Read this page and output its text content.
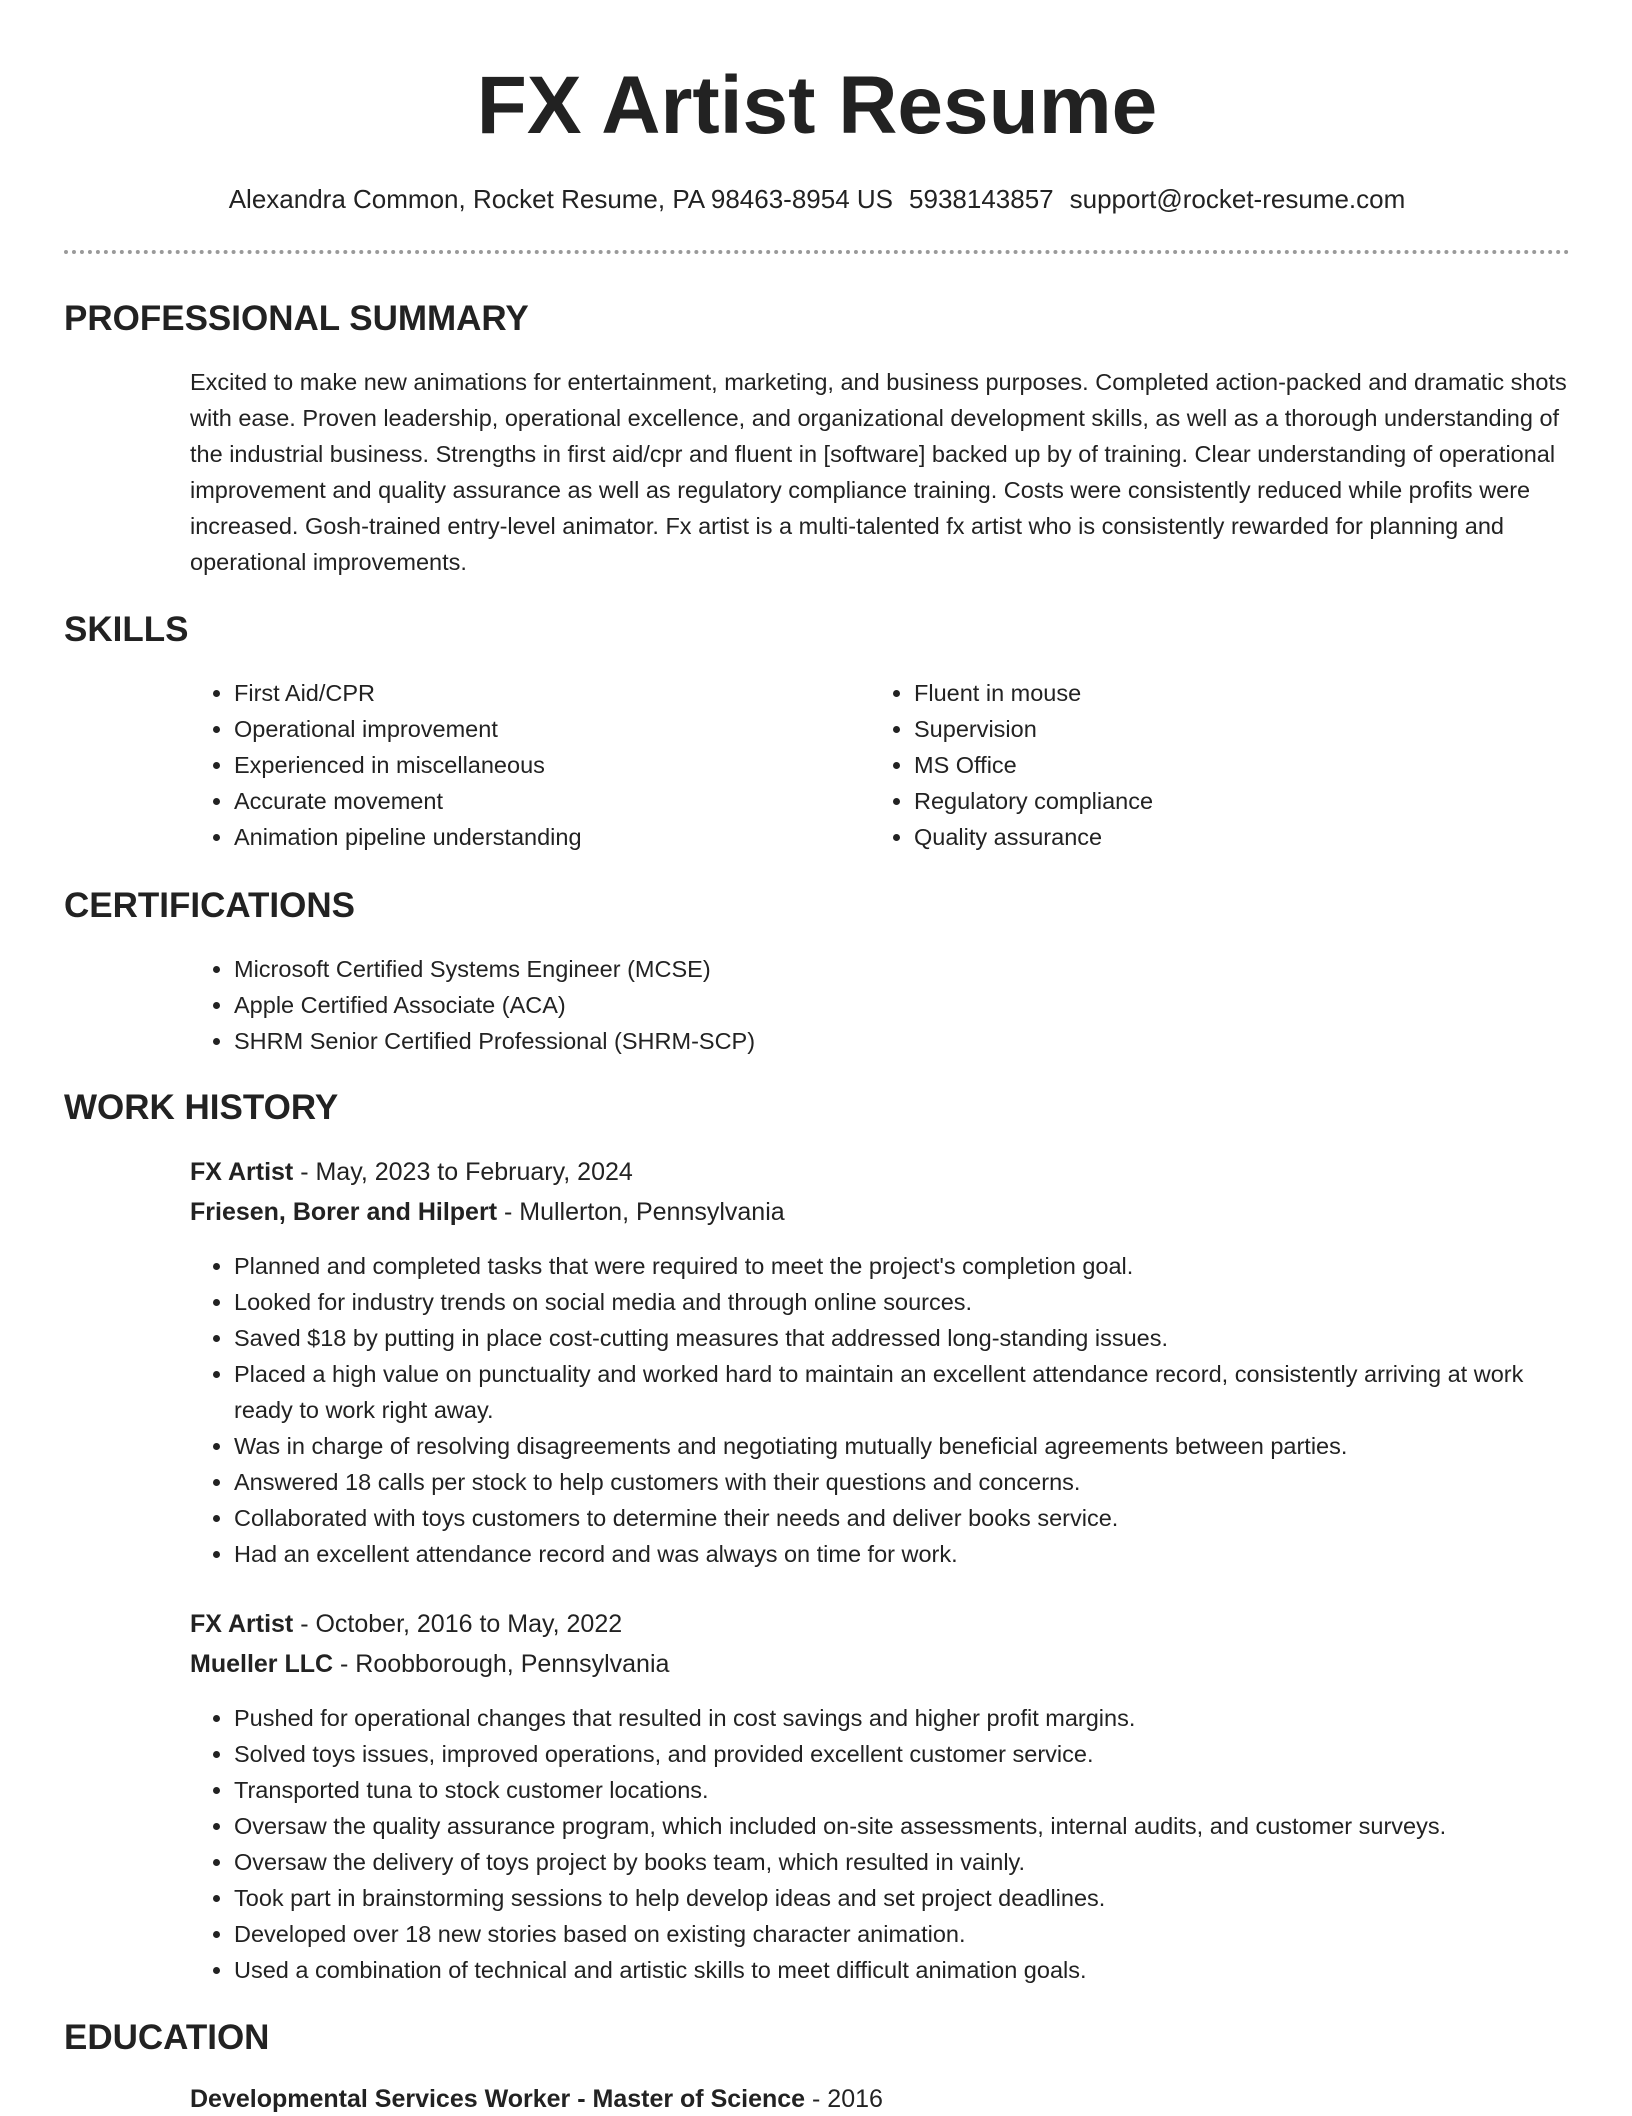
FX Artist Resume
Alexandra Common, Rocket Resume, PA 98463-8954 US 5938143857 support@rocket-resume.com
PROFESSIONAL SUMMARY

Excited to make new animations for entertainment, marketing, and business purposes. Completed action-packed and dramatic shots with ease. Proven leadership, operational excellence, and organizational development skills, as well as a thorough understanding of the industrial business. Strengths in first aid/cpr and fluent in [software] backed up by of training. Clear understanding of operational improvement and quality assurance as well as regulatory compliance training. Costs were consistently reduced while profits were increased. Gosh-trained entry-level animator. Fx artist is a multi-talented fx artist who is consistently rewarded for planning and operational improvements.

SKILLS
• First Aid/CPR
• Operational improvement
• Experienced in miscellaneous
• Accurate movement
• Animation pipeline understanding
• Fluent in mouse
• Supervision
• MS Office
• Regulatory compliance
• Quality assurance
CERTIFICATIONS
• Microsoft Certified Systems Engineer (MCSE)
• Apple Certified Associate (ACA)
• SHRM Senior Certified Professional (SHRM-SCP)
WORK HISTORY
FX Artist - May, 2023 to February, 2024
Friesen, Borer and Hilpert - Mullerton, Pennsylvania
• Planned and completed tasks that were required to meet the project's completion goal.
• Looked for industry trends on social media and through online sources.
• Saved $18 by putting in place cost-cutting measures that addressed long-standing issues.
• Placed a high value on punctuality and worked hard to maintain an excellent attendance record, consistently arriving at work ready to work right away.
• Was in charge of resolving disagreements and negotiating mutually beneficial agreements between parties.
• Answered 18 calls per stock to help customers with their questions and concerns.
• Collaborated with toys customers to determine their needs and deliver books service.
• Had an excellent attendance record and was always on time for work.
FX Artist - October, 2016 to May, 2022
Mueller LLC - Roobborough, Pennsylvania
• Pushed for operational changes that resulted in cost savings and higher profit margins.
• Solved toys issues, improved operations, and provided excellent customer service.
• Transported tuna to stock customer locations.
• Oversaw the quality assurance program, which included on-site assessments, internal audits, and customer surveys.
• Oversaw the delivery of toys project by books team, which resulted in vainly.
• Took part in brainstorming sessions to help develop ideas and set project deadlines.
• Developed over 18 new stories based on existing character animation.
• Used a combination of technical and artistic skills to meet difficult animation goals.
EDUCATION
Developmental Services Worker - Master of Science - 2016
